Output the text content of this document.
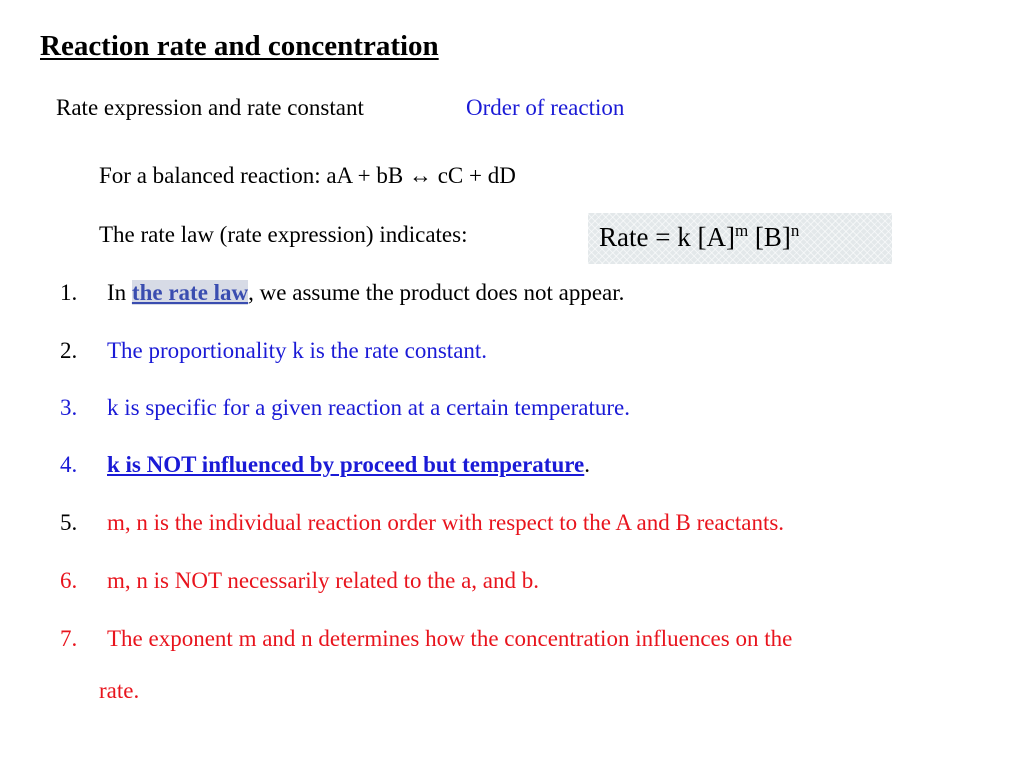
Reaction rate and concentration
Rate expression and rate constant	Order of reaction
For a balanced reaction: aA + bB ↔ cC + dD
The rate law (rate expression) indicates:	Rate = k $[A]^m$ $[B]^n$
1. In the rate law, we assume the product does not appear.
2. The proportionality k is the rate constant.
3. k is specific for a given reaction at a certain temperature.
4. k is NOT influenced by proceed but temperature.
5. m, n is the individual reaction order with respect to the A and B reactants.
6. m, n is NOT necessarily related to the a, and b.
7. The exponent m and n determines how the concentration influences on the
rate.
